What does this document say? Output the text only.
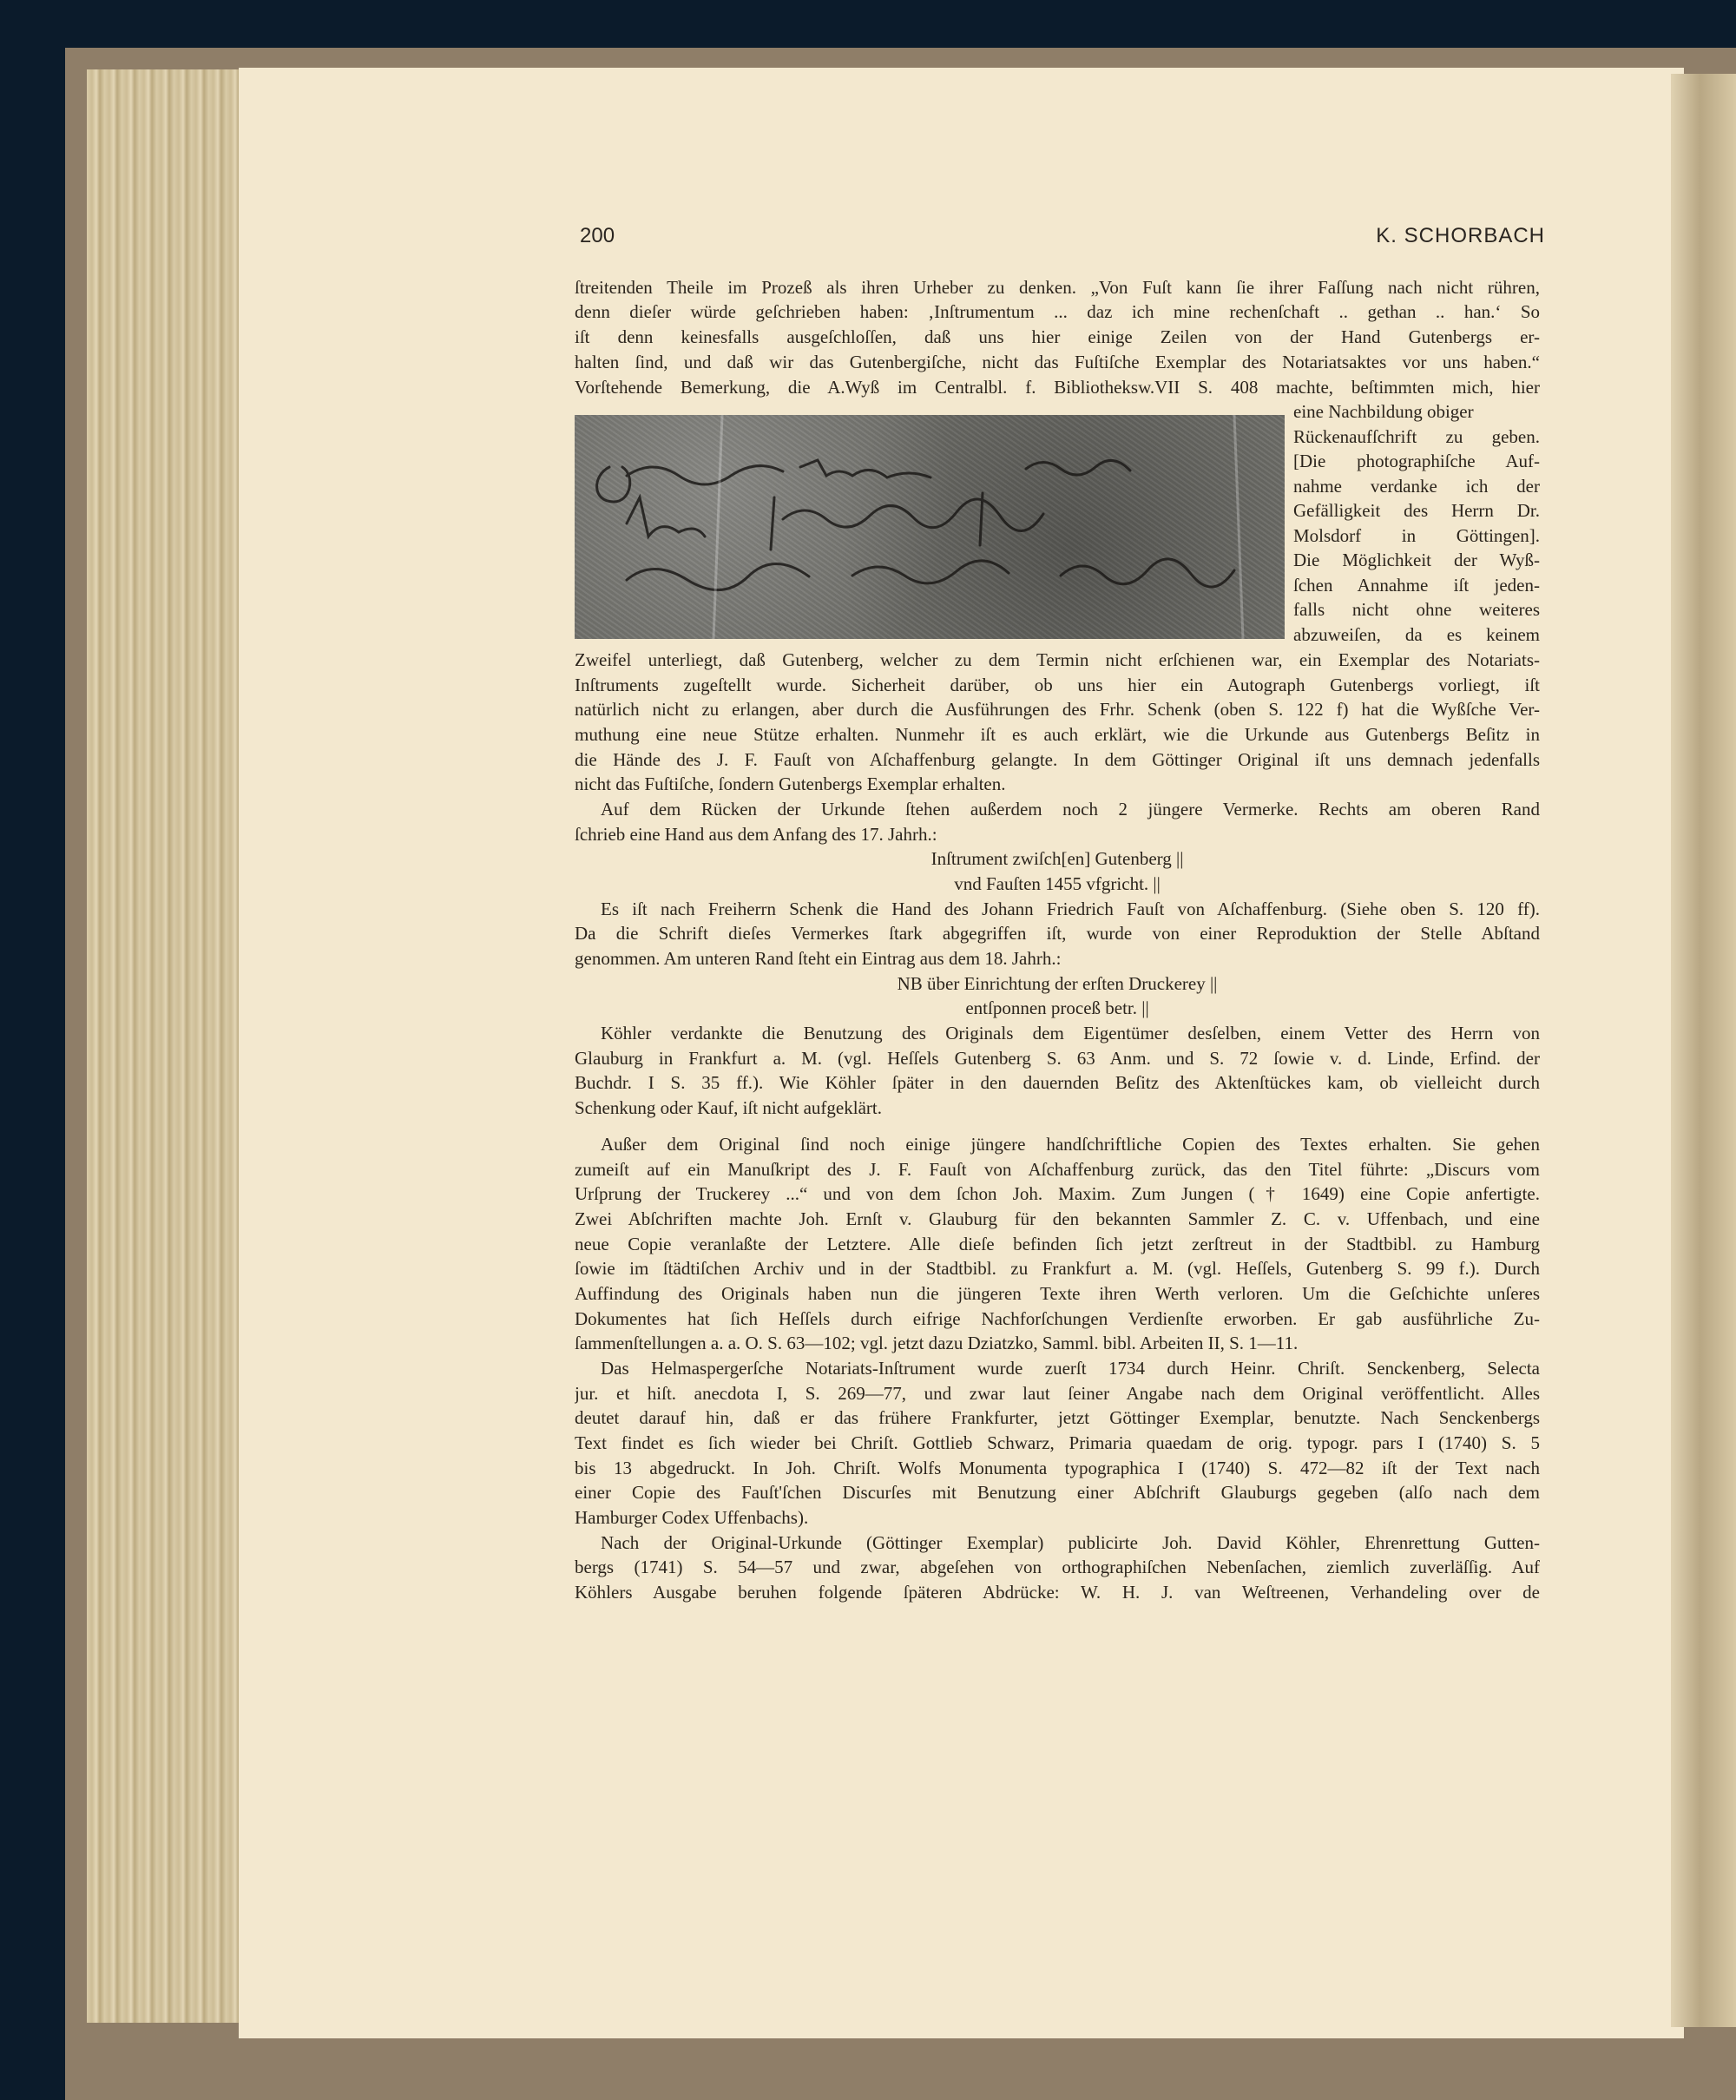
200	K. SCHORBACH
ſtreitenden Theile im Prozeß als ihren Urheber zu denken. „Von Fuſt kann ſie ihrer Faſſung nach nicht rühren,
denn dieſer würde geſchrieben haben: ‚Inſtrumentum ... daz ich mine rechenſchaft .. gethan .. han.‘ So
iſt denn keinesfalls ausgeſchloſſen, daß uns hier einige Zeilen von der Hand Gutenbergs er-
halten ſind, und daß wir das Gutenbergiſche, nicht das Fuſtiſche Exemplar des Notariatsaktes vor uns haben.“
Vorſtehende Bemerkung, die A.Wyß im Centralbl. f. Bibliotheksw.VII S. 408 machte, beſtimmten mich, hier
eine Nachbildung obiger
Rückenaufſchrift zu geben.
[Die photographiſche Auf-
nahme verdanke ich der
Gefälligkeit des Herrn Dr.
Molsdorf in Göttingen].
Die Möglichkeit der Wyß-
ſchen Annahme iſt jeden-
falls nicht ohne weiteres
abzuweiſen, da es keinem
Zweifel unterliegt, daß Gutenberg, welcher zu dem Termin nicht erſchienen war, ein Exemplar des Notariats-
Inſtruments zugeſtellt wurde. Sicherheit darüber, ob uns hier ein Autograph Gutenbergs vorliegt, iſt
natürlich nicht zu erlangen, aber durch die Ausführungen des Frhr. Schenk (oben S. 122 f) hat die Wyßſche Ver-
muthung eine neue Stütze erhalten. Nunmehr iſt es auch erklärt, wie die Urkunde aus Gutenbergs Beſitz in
die Hände des J. F. Fauſt von Aſchaffenburg gelangte. In dem Göttinger Original iſt uns demnach jedenfalls
nicht das Fuſtiſche, ſondern Gutenbergs Exemplar erhalten.
Auf dem Rücken der Urkunde ſtehen außerdem noch 2 jüngere Vermerke. Rechts am oberen Rand
ſchrieb eine Hand aus dem Anfang des 17. Jahrh.:
Inſtrument zwiſch[en] Gutenberg ||
vnd Fauſten 1455 vfgricht. ||
Es iſt nach Freiherrn Schenk die Hand des Johann Friedrich Fauſt von Aſchaffenburg. (Siehe oben S. 120 ff).
Da die Schrift dieſes Vermerkes ſtark abgegriffen iſt, wurde von einer Reproduktion der Stelle Abſtand
genommen. Am unteren Rand ſteht ein Eintrag aus dem 18. Jahrh.:
NB über Einrichtung der erſten Druckerey ||
entſponnen proceß betr. ||
Köhler verdankte die Benutzung des Originals dem Eigentümer desſelben, einem Vetter des Herrn von
Glauburg in Frankfurt a. M. (vgl. Heſſels Gutenberg S. 63 Anm. und S. 72 ſowie v. d. Linde, Erfind. der
Buchdr. I S. 35 ff.). Wie Köhler ſpäter in den dauernden Beſitz des Aktenſtückes kam, ob vielleicht durch
Schenkung oder Kauf, iſt nicht aufgeklärt.
Außer dem Original ſind noch einige jüngere handſchriftliche Copien des Textes erhalten. Sie gehen
zumeiſt auf ein Manuſkript des J. F. Fauſt von Aſchaffenburg zurück, das den Titel führte: „Discurs vom
Urſprung der Truckerey ...“ und von dem ſchon Joh. Maxim. Zum Jungen († 1649) eine Copie anfertigte.
Zwei Abſchriften machte Joh. Ernſt v. Glauburg für den bekannten Sammler Z. C. v. Uffenbach, und eine
neue Copie veranlaßte der Letztere. Alle dieſe befinden ſich jetzt zerſtreut in der Stadtbibl. zu Hamburg
ſowie im ſtädtiſchen Archiv und in der Stadtbibl. zu Frankfurt a. M. (vgl. Heſſels, Gutenberg S. 99 f.). Durch
Auffindung des Originals haben nun die jüngeren Texte ihren Werth verloren. Um die Geſchichte unſeres
Dokumentes hat ſich Heſſels durch eifrige Nachforſchungen Verdienſte erworben. Er gab ausführliche Zu-
ſammenſtellungen a. a. O. S. 63—102; vgl. jetzt dazu Dziatzko, Samml. bibl. Arbeiten II, S. 1—11.
Das Helmaspergerſche Notariats-Inſtrument wurde zuerſt 1734 durch Heinr. Chriſt. Senckenberg, Selecta
jur. et hiſt. anecdota I, S. 269—77, und zwar laut ſeiner Angabe nach dem Original veröffentlicht. Alles
deutet darauf hin, daß er das frühere Frankfurter, jetzt Göttinger Exemplar, benutzte. Nach Senckenbergs
Text findet es ſich wieder bei Chriſt. Gottlieb Schwarz, Primaria quaedam de orig. typogr. pars I (1740) S. 5
bis 13 abgedruckt. In Joh. Chriſt. Wolfs Monumenta typographica I (1740) S. 472—82 iſt der Text nach
einer Copie des Fauſt'ſchen Discurſes mit Benutzung einer Abſchrift Glauburgs gegeben (alſo nach dem
Hamburger Codex Uffenbachs).
Nach der Original-Urkunde (Göttinger Exemplar) publicirte Joh. David Köhler, Ehrenrettung Gutten-
bergs (1741) S. 54—57 und zwar, abgeſehen von orthographiſchen Nebenſachen, ziemlich zuverläſſig. Auf
Köhlers Ausgabe beruhen folgende ſpäteren Abdrücke: W. H. J. van Weſtreenen, Verhandeling over de
